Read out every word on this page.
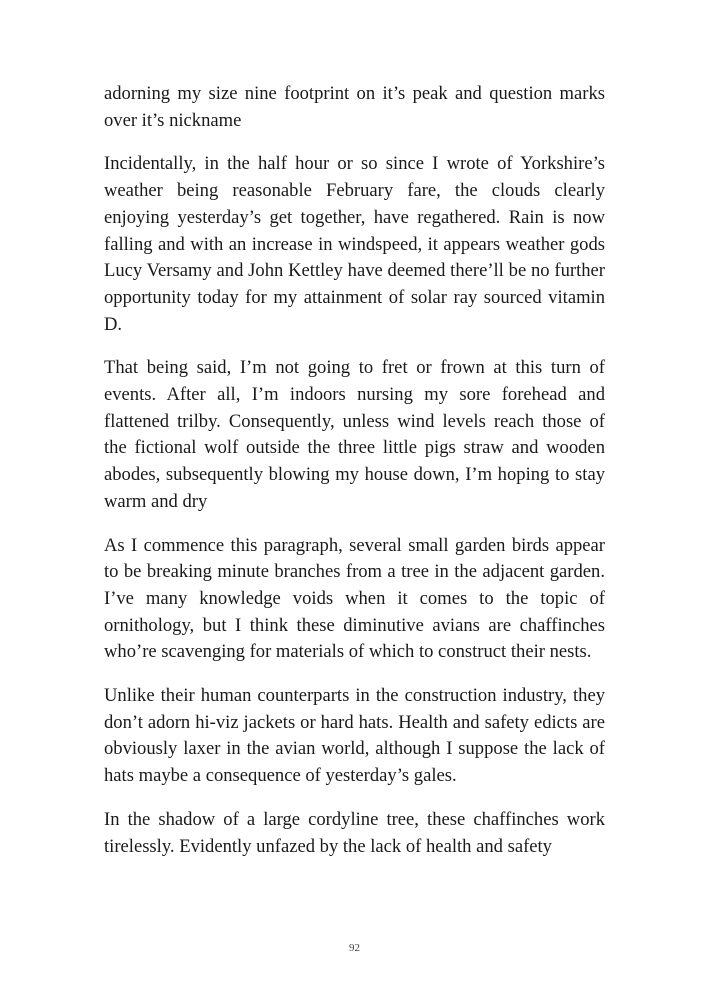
adorning my size nine footprint on it’s peak and question marks over it’s nickname

Incidentally, in the half hour or so since I wrote of Yorkshire’s weather being reasonable February fare, the clouds clearly enjoying yesterday’s get together, have regathered. Rain is now falling and with an increase in windspeed, it appears weather gods Lucy Versamy and John Kettley have deemed there’ll be no further opportunity today for my attainment of solar ray sourced vitamin D.

That being said, I’m not going to fret or frown at this turn of events. After all, I’m indoors nursing my sore forehead and flattened trilby. Consequently, unless wind levels reach those of the fictional wolf outside the three little pigs straw and wooden abodes, subsequently blowing my house down, I’m hoping to stay warm and dry

As I commence this paragraph, several small garden birds appear to be breaking minute branches from a tree in the adjacent garden. I’ve many knowledge voids when it comes to the topic of ornithology, but I think these diminutive avians are chaffinches who’re scavenging for materials of which to construct their nests.

Unlike their human counterparts in the construction industry, they don’t adorn hi-viz jackets or hard hats. Health and safety edicts are obviously laxer in the avian world, although I suppose the lack of hats maybe a consequence of yesterday’s gales.

In the shadow of a large cordyline tree, these chaffinches work tirelessly. Evidently unfazed by the lack of health and safety

92
